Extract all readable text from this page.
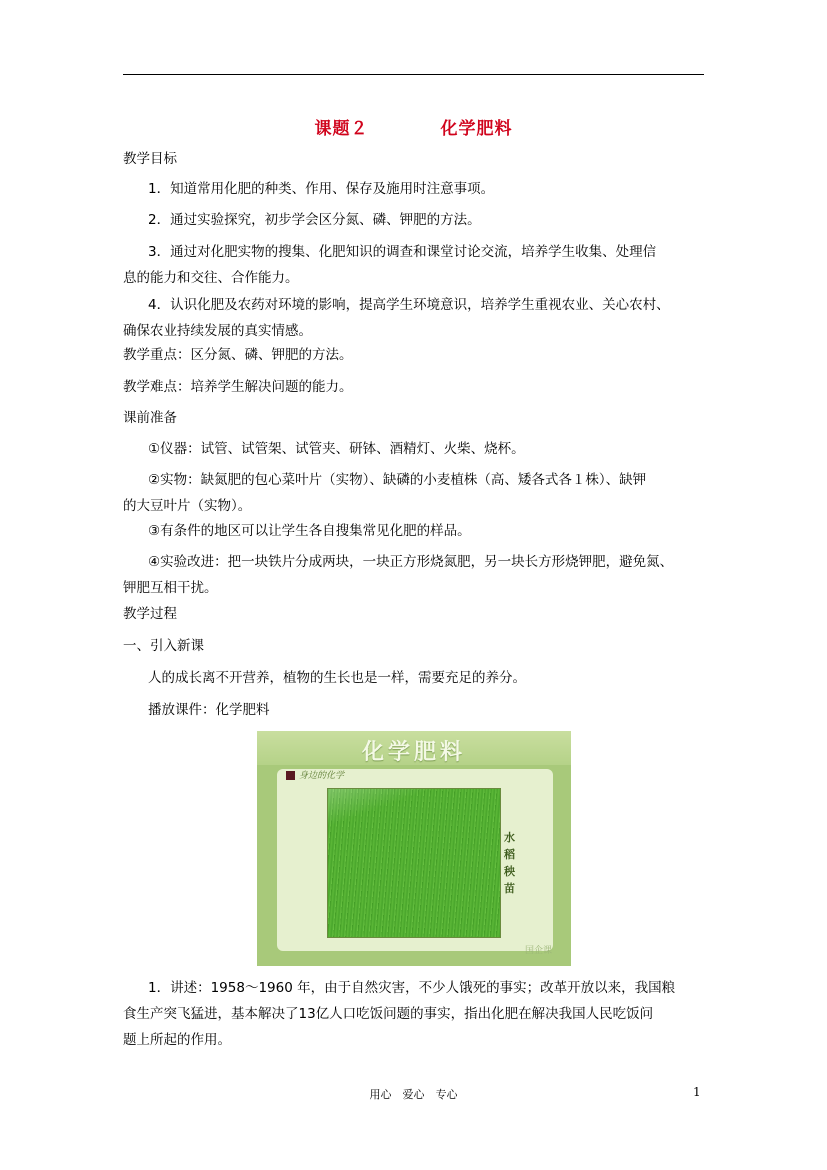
课题２　　　　化学肥料
教学目标
1．知道常用化肥的种类、作用、保存及施用时注意事项。
2．通过实验探究，初步学会区分氮、磷、钾肥的方法。
3．通过对化肥实物的搜集、化肥知识的调查和课堂讨论交流，培养学生收集、处理信
息的能力和交往、合作能力。
4．认识化肥及农药对环境的影响，提高学生环境意识，培养学生重视农业、关心农村、
确保农业持续发展的真实情感。
教学重点：区分氮、磷、钾肥的方法。
教学难点：培养学生解决问题的能力。
课前准备
①仪器：试管、试管架、试管夹、研钵、酒精灯、火柴、烧杯。
②实物：缺氮肥的包心菜叶片（实物）、缺磷的小麦植株（高、矮各式各１株）、缺钾
的大豆叶片（实物）。
③有条件的地区可以让学生各自搜集常见化肥的样品。
④实验改进：把一块铁片分成两块，一块正方形烧氮肥，另一块长方形烧钾肥，避免氮、
钾肥互相干扰。
教学过程
一、引入新课
人的成长离不开营养，植物的生长也是一样，需要充足的养分。
播放课件：化学肥料
化学肥料
身边的化学
水稻秧苗
国企课
1．讲述：1958～1960 年，由于自然灾害，不少人饿死的事实；改革开放以来，我国粮
食生产突飞猛进，基本解决了13亿人口吃饭问题的事实，指出化肥在解决我国人民吃饭问
题上所起的作用。
用心　爱心　专心	1
